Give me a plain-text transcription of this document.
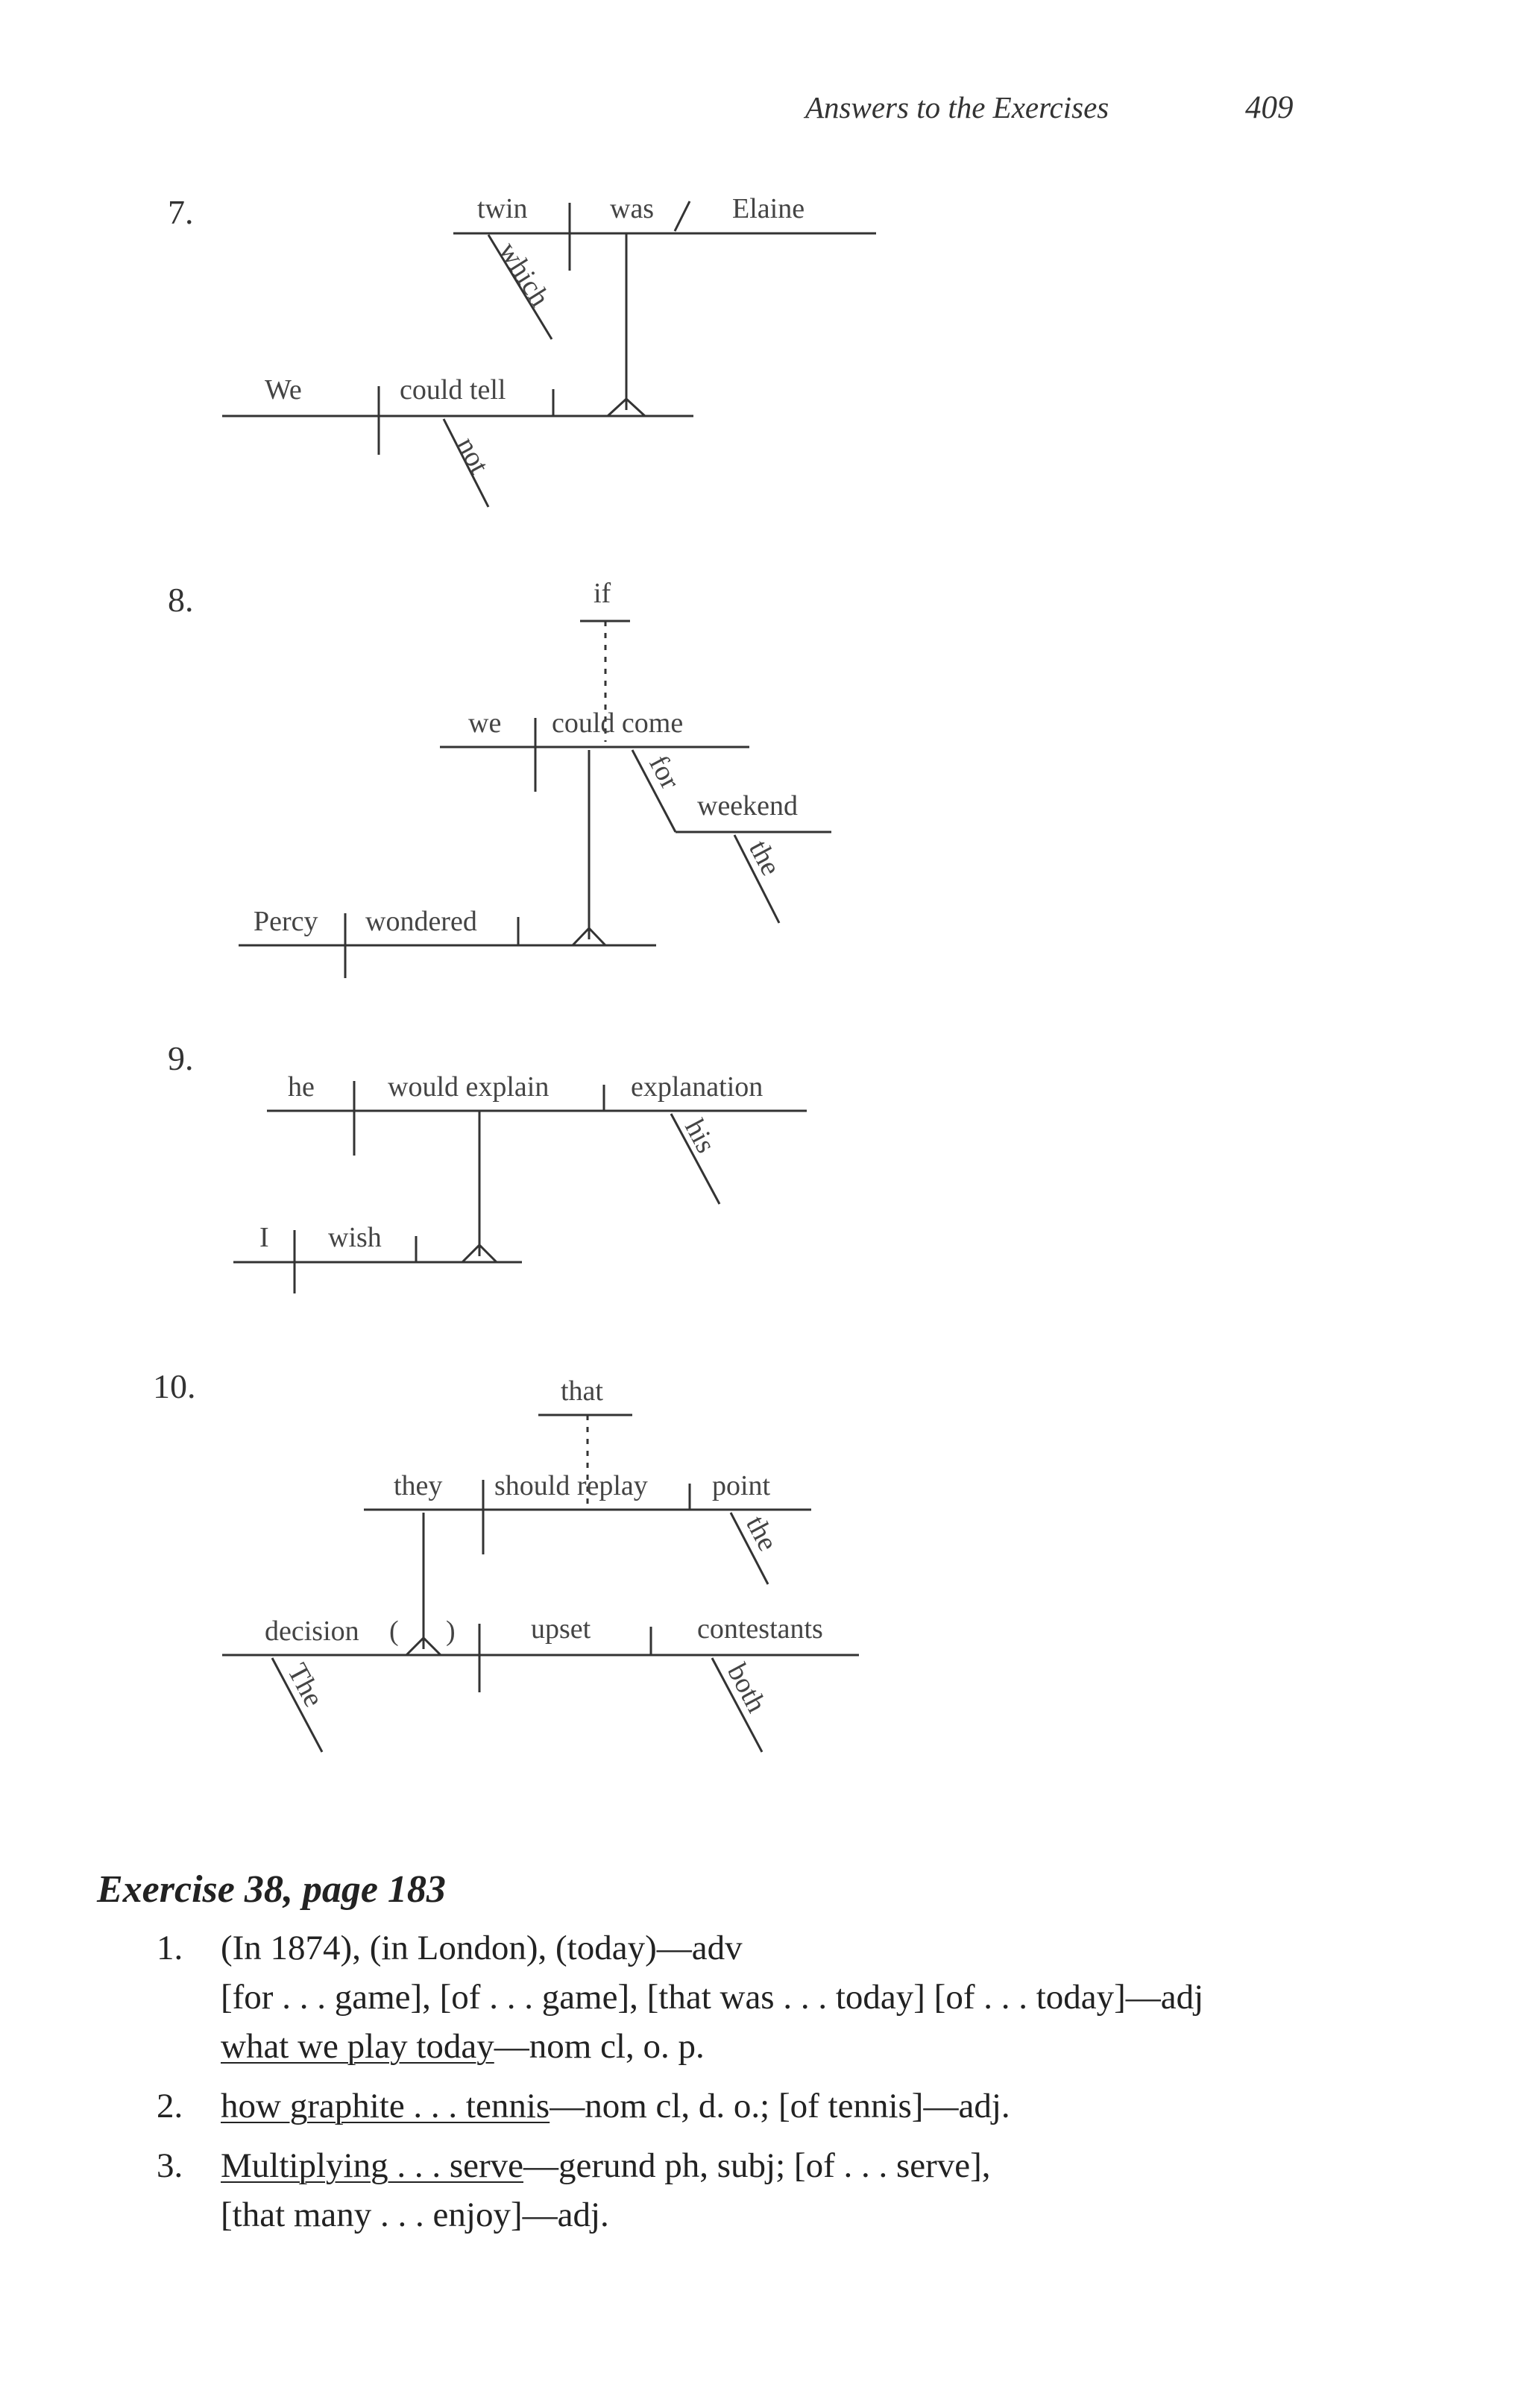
Answers to the Exercises	409
7.	twin	was	Elaine
which
We	could tell
not
8.	if
we could come
for
weekend
the
Percy wondered
9.
he	would explain	explanation
his
I wish
10.	that
they should replay point
the
decision ( )	upset	contestants
The	both
Exercise 38, page 183
1. (In 1874), (in London), (today)—adv
[for . . . game], [of . . . game], [that was . . . today] [of . . . today]—adj
what we play today—nom cl, o. p.
2. how graphite . . . tennis—nom cl, d. o.; [of tennis]—adj.
3. Multiplying . . . serve—gerund ph, subj; [of . . . serve],
[that many . . . enjoy]—adj.
